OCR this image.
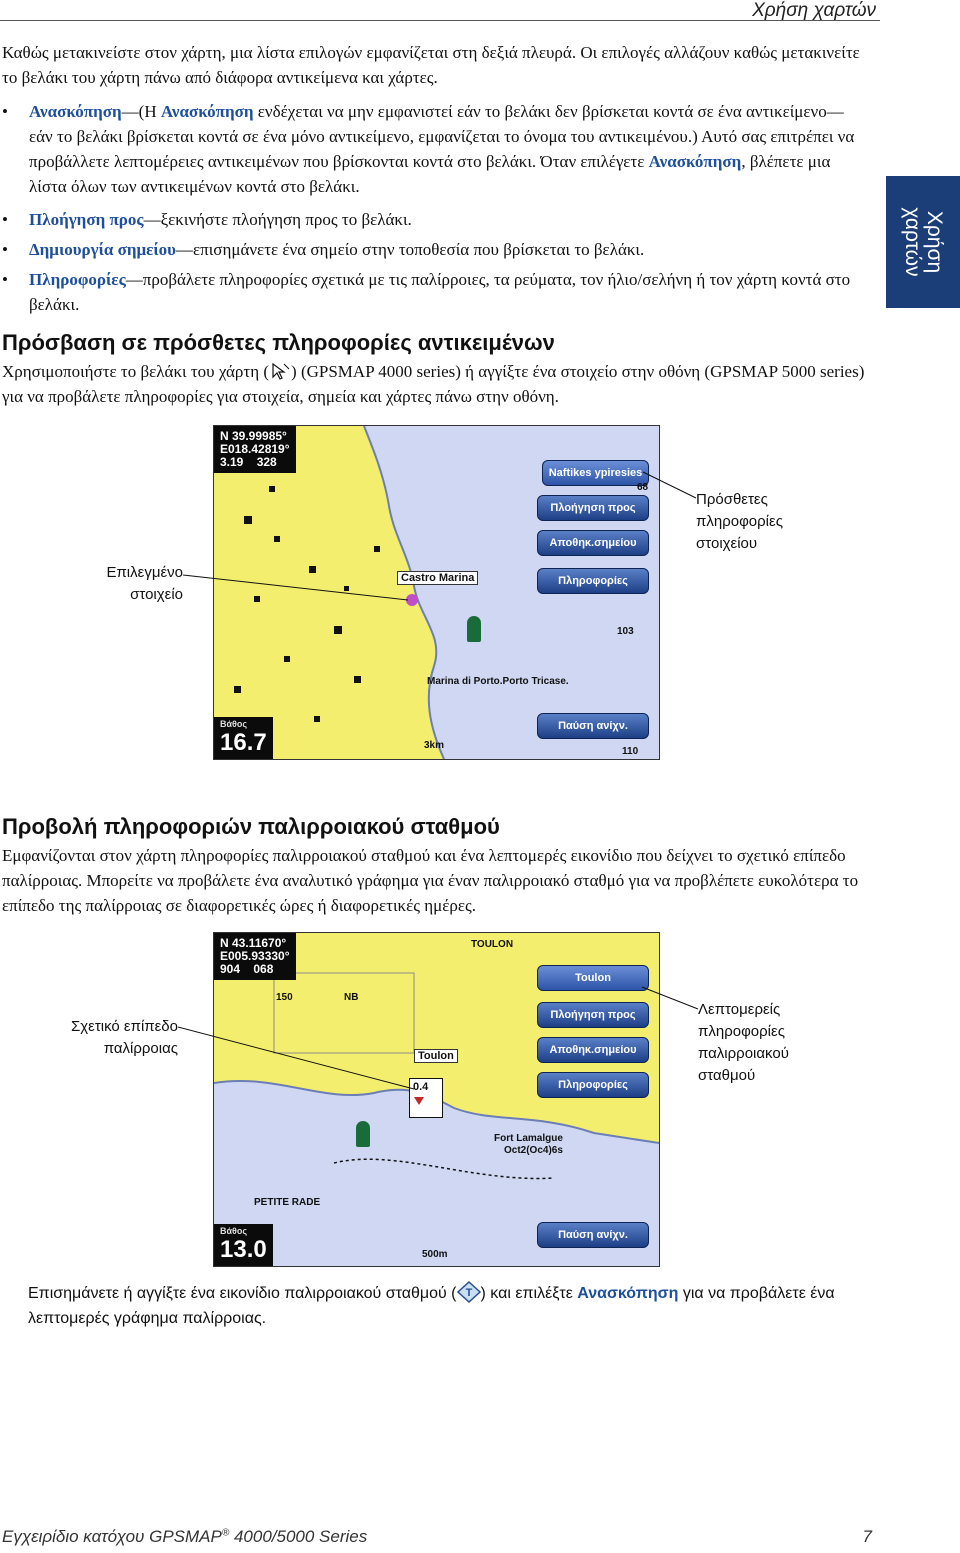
Χρήση χαρτών
Χρήση
χαρτών
Καθώς μετακινείστε στον χάρτη, μια λίστα επιλογών εμφανίζεται στη δεξιά πλευρά. Οι επιλογές αλλάζουν καθώς μετακινείτε το βελάκι του χάρτη πάνω από διάφορα αντικείμενα και χάρτες.
• Ανασκόπηση—(Η Ανασκόπηση ενδέχεται να μην εμφανιστεί εάν το βελάκι δεν βρίσκεται κοντά σε ένα αντικείμενο—εάν το βελάκι βρίσκεται κοντά σε ένα μόνο αντικείμενο, εμφανίζεται το όνομα του αντικειμένου.) Αυτό σας επιτρέπει να προβάλλετε λεπτομέρειες αντικειμένων που βρίσκονται κοντά στο βελάκι. Όταν επιλέγετε Ανασκόπηση, βλέπετε μια λίστα όλων των αντικειμένων κοντά στο βελάκι.
• Πλοήγηση προς—ξεκινήστε πλοήγηση προς το βελάκι.
• Δημιουργία σημείου—επισημάνετε ένα σημείο στην τοποθεσία που βρίσκεται το βελάκι.
• Πληροφορίες—προβάλετε πληροφορίες σχετικά με τις παλίρροιες, τα ρεύματα, τον ήλιο/σελήνη ή τον χάρτη κοντά στο βελάκι.
Πρόσβαση σε πρόσθετες πληροφορίες αντικειμένων
Χρησιμοποιήστε το βελάκι του χάρτη ( ) (GPSMAP 4000 series) ή αγγίξτε ένα στοιχείο στην οθόνη (GPSMAP 5000 series) για να προβάλετε πληροφορίες για στοιχεία, σημεία και χάρτες πάνω στην οθόνη.
N 39.99985°
E018.42819°
3.19 328
Βάθος
16.7
Naftikes ypiresies
Πλοήγηση προς
Αποθηκ.σημείου
Πληροφορίες
Παύση ανίχν.
Castro Marina
Marina di Porto.Porto Tricase.
3km
68
103
110
Επιλεγμένο
στοιχείο
Πρόσθετες
πληροφορίες
στοιχείου
Προβολή πληροφοριών παλιρροιακού σταθμού
Εμφανίζονται στον χάρτη πληροφορίες παλιρροιακού σταθμού και ένα λεπτομερές εικονίδιο που δείχνει το σχετικό επίπεδο παλίρροιας. Μπορείτε να προβάλετε ένα αναλυτικό γράφημα για έναν παλιρροιακό σταθμό για να προβλέπετε ευκολότερα το επίπεδο της παλίρροιας σε διαφορετικές ώρες ή διαφορετικές ημέρες.
N 43.11670°
E005.93330°
904 068
Βάθος
13.0
Toulon
Πλοήγηση προς
Αποθηκ.σημείου
Πληροφορίες
Παύση ανίχν.
TOULON
Toulon
150	NB
0.4
Fort Lamalgue
Oct2(Oc4)6s
PETITE RADE
500m
Σχετικό επίπεδο
παλίρροιας
Λεπτομερείς
πληροφορίες
παλιρροιακού
σταθμού
Επισημάνετε ή αγγίξτε ένα εικονίδιο παλιρροιακού σταθμού ( T ) και επιλέξτε Ανασκόπηση για να προβάλετε ένα λεπτομερές γράφημα παλίρροιας.
Εγχειρίδιο κατόχου GPSMAP® 4000/5000 Series	7
